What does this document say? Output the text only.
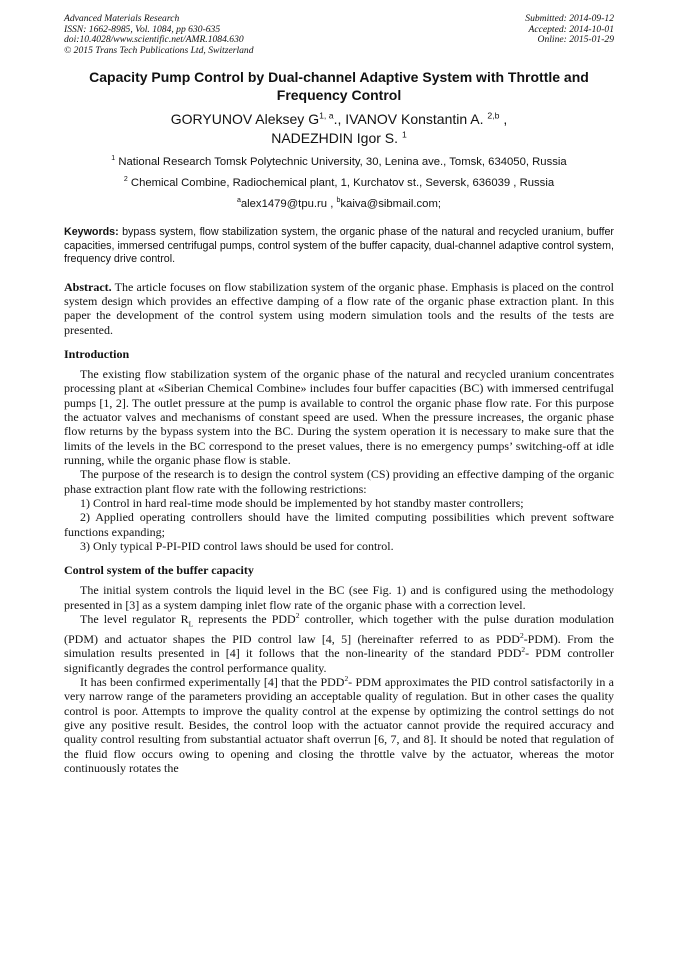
Advanced Materials Research
ISSN: 1662-8985, Vol. 1084, pp 630-635
doi:10.4028/www.scientific.net/AMR.1084.630
© 2015 Trans Tech Publications Ltd, Switzerland
Submitted: 2014-09-12
Accepted: 2014-10-01
Online: 2015-01-29
Capacity Pump Control by Dual-channel Adaptive System with Throttle and Frequency Control
GORYUNOV Aleksey G$^{1, a}$., IVANOV Konstantin A. $^{2,b}$ ,
NADEZHDIN Igor S. $^1$
$^1$ National Research Tomsk Polytechnic University, 30, Lenina ave., Tomsk, 634050, Russia
$^2$ Chemical Combine, Radiochemical plant, 1, Kurchatov st., Seversk, 636039 , Russia
$^a$alex1479@tpu.ru , $^b$kaiva@sibmail.com;
Keywords: bypass system, flow stabilization system, the organic phase of the natural and recycled uranium, buffer capacities, immersed centrifugal pumps, control system of the buffer capacity, dual-channel adaptive control system, frequency drive control.
Abstract. The article focuses on flow stabilization system of the organic phase. Emphasis is placed on the control system design which provides an effective damping of a flow rate of the organic phase extraction plant. In this paper the development of the control system using modern simulation tools and the results of the tests are presented.
Introduction

The existing flow stabilization system of the organic phase of the natural and recycled uranium concentrates processing plant at «Siberian Chemical Combine» includes four buffer capacities (BC) with immersed centrifugal pumps [1, 2]. The outlet pressure at the pump is available to control the organic phase flow rate. For this purpose the actuator valves and mechanisms of constant speed are used. When the pressure increases, the organic phase flow returns by the bypass system into the BC. During the system operation it is necessary to make sure that the limits of the levels in the BC correspond to the preset values, there is no emergency pumps’ switching-off at idle running, while the organic phase flow is stable.

The purpose of the research is to design the control system (CS) providing an effective damping of the organic phase extraction plant flow rate with the following restrictions:

1) Control in hard real-time mode should be implemented by hot standby master controllers;

2) Applied operating controllers should have the limited computing possibilities which prevent software functions expanding;

3) Only typical P-PI-PID control laws should be used for control.

Control system of the buffer capacity

The initial system controls the liquid level in the BC (see Fig. 1) and is configured using the methodology presented in [3] as a system damping inlet flow rate of the organic phase with a correction level.

The level regulator $R_L$ represents the PDD$^2$ controller, which together with the pulse duration modulation (PDM) and actuator shapes the PID control law [4, 5] (hereinafter referred to as PDD$^2$-PDM). From the simulation results presented in [4] it follows that the non-linearity of the standard PDD$^2$- PDM controller significantly degrades the control performance quality.

It has been confirmed experimentally [4] that the PDD$^2$- PDM approximates the PID control satisfactorily in a very narrow range of the parameters providing an acceptable quality of regulation. But in other cases the quality control is poor. Attempts to improve the quality control at the expense by optimizing the control settings do not give any positive result. Besides, the control loop with the actuator cannot provide the required accuracy and quality control resulting from substantial actuator shaft overrun [6, 7, and 8]. It should be noted that regulation of the fluid flow occurs owing to opening and closing the throttle valve by the actuator, whereas the motor continuously rotates the
